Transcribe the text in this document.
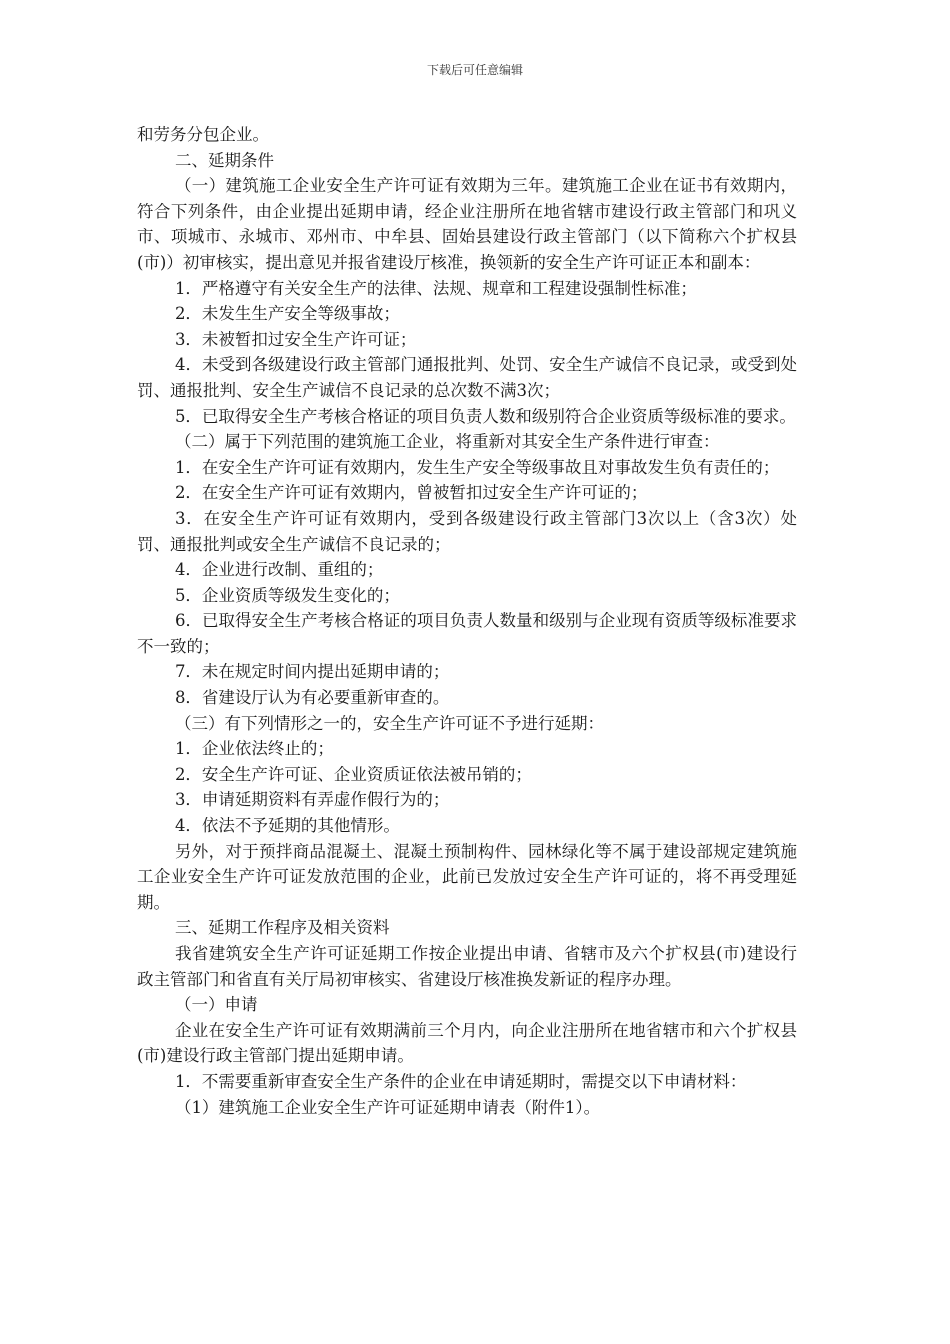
下载后可任意编辑

和劳务分包企业。

二、延期条件

（一）建筑施工企业安全生产许可证有效期为三年。建筑施工企业在证书有效期内，符合下列条件，由企业提出延期申请，经企业注册所在地省辖市建设行政主管部门和巩义市、项城市、永城市、邓州市、中牟县、固始县建设行政主管部门（以下简称六个扩权县(市)）初审核实，提出意见并报省建设厅核准，换领新的安全生产许可证正本和副本：

1．严格遵守有关安全生产的法律、法规、规章和工程建设强制性标准；

2．未发生生产安全等级事故；

3．未被暂扣过安全生产许可证；

4．未受到各级建设行政主管部门通报批判、处罚、安全生产诚信不良记录，或受到处罚、通报批判、安全生产诚信不良记录的总次数不满3次；

5．已取得安全生产考核合格证的项目负责人数和级别符合企业资质等级标准的要求。

（二）属于下列范围的建筑施工企业，将重新对其安全生产条件进行审查：

1．在安全生产许可证有效期内，发生生产安全等级事故且对事故发生负有责任的；

2．在安全生产许可证有效期内，曾被暂扣过安全生产许可证的；

3．在安全生产许可证有效期内，受到各级建设行政主管部门3次以上（含3次）处罚、通报批判或安全生产诚信不良记录的；

4．企业进行改制、重组的；

5．企业资质等级发生变化的；

6．已取得安全生产考核合格证的项目负责人数量和级别与企业现有资质等级标准要求不一致的；

7．未在规定时间内提出延期申请的；

8．省建设厅认为有必要重新审查的。

（三）有下列情形之一的，安全生产许可证不予进行延期：

1．企业依法终止的；

2．安全生产许可证、企业资质证依法被吊销的；

3．申请延期资料有弄虚作假行为的；

4．依法不予延期的其他情形。

另外，对于预拌商品混凝土、混凝土预制构件、园林绿化等不属于建设部规定建筑施工企业安全生产许可证发放范围的企业，此前已发放过安全生产许可证的，将不再受理延期。

三、延期工作程序及相关资料

我省建筑安全生产许可证延期工作按企业提出申请、省辖市及六个扩权县(市)建设行政主管部门和省直有关厅局初审核实、省建设厅核准换发新证的程序办理。

（一）申请

企业在安全生产许可证有效期满前三个月内，向企业注册所在地省辖市和六个扩权县(市)建设行政主管部门提出延期申请。

1．不需要重新审查安全生产条件的企业在申请延期时，需提交以下申请材料：

（1）建筑施工企业安全生产许可证延期申请表（附件1）。
